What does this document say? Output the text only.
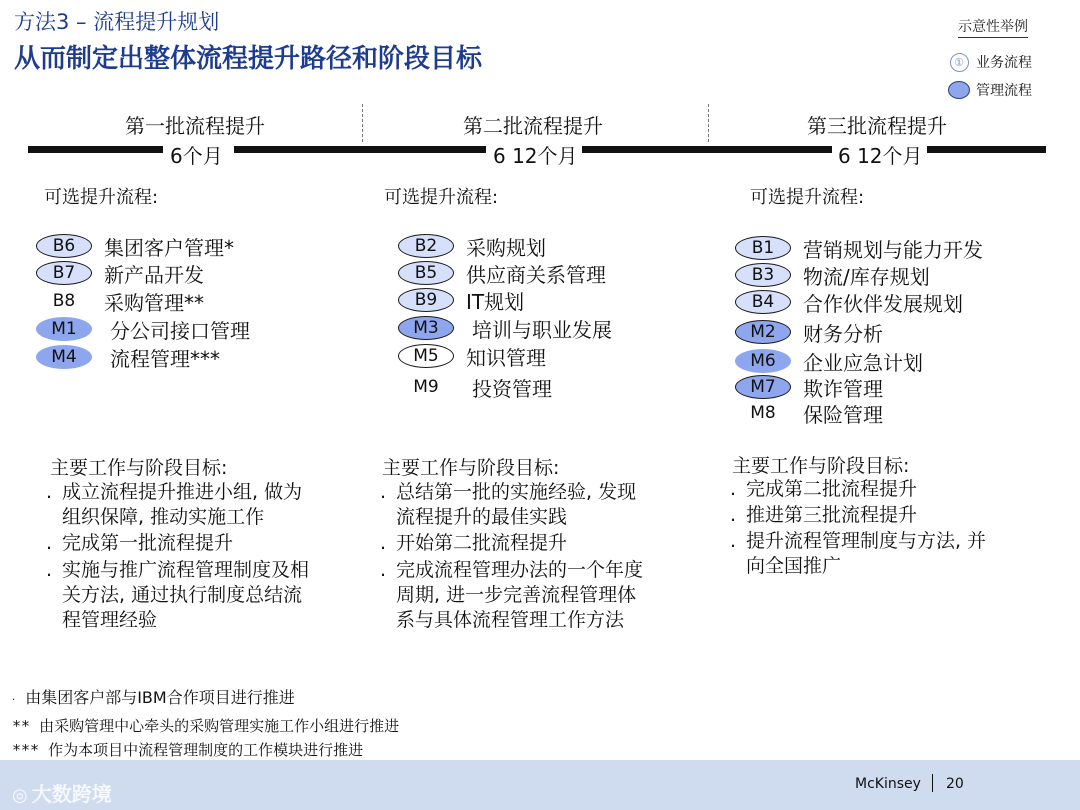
方法3 – 流程提升规划
从而制定出整体流程提升路径和阶段目标
示意性举例
① 业务流程
管理流程
第一批流程提升	第二批流程提升	第三批流程提升
6个月	6 12个月	6 12个月
可选提升流程:	可选提升流程:	可选提升流程:
B6	集团客户管理*
B7	新产品开发
B8	采购管理**
M1	分公司接口管理
M4	流程管理***
B2	采购规划
B5	供应商关系管理
B9	IT规划
M3	培训与职业发展
M5	知识管理
M9	投资管理
B1	营销规划与能力开发
B3	物流/库存规划
B4	合作伙伴发展规划
M2	财务分析
M6	企业应急计划
M7	欺诈管理
M8	保险管理
主要工作与阶段目标:
. 成立流程提升推进小组, 做为
组织保障, 推动实施工作
. 完成第一批流程提升
. 实施与推广流程管理制度及相
关方法, 通过执行制度总结流
程管理经验
主要工作与阶段目标:
. 总结第一批的实施经验, 发现
流程提升的最佳实践
. 开始第二批流程提升
. 完成流程管理办法的一个年度
周期, 进一步完善流程管理体
系与具体流程管理工作方法
主要工作与阶段目标:
. 完成第二批流程提升
. 推进第三批流程提升
. 提升流程管理制度与方法, 并
向全国推广
· 由集团客户部与IBM合作项目进行推进
** 由采购管理中心牵头的采购管理实施工作小组进行推进
*** 作为本项目中流程管理制度的工作模块进行推进
◎ 大数跨境	McKinsey 20
